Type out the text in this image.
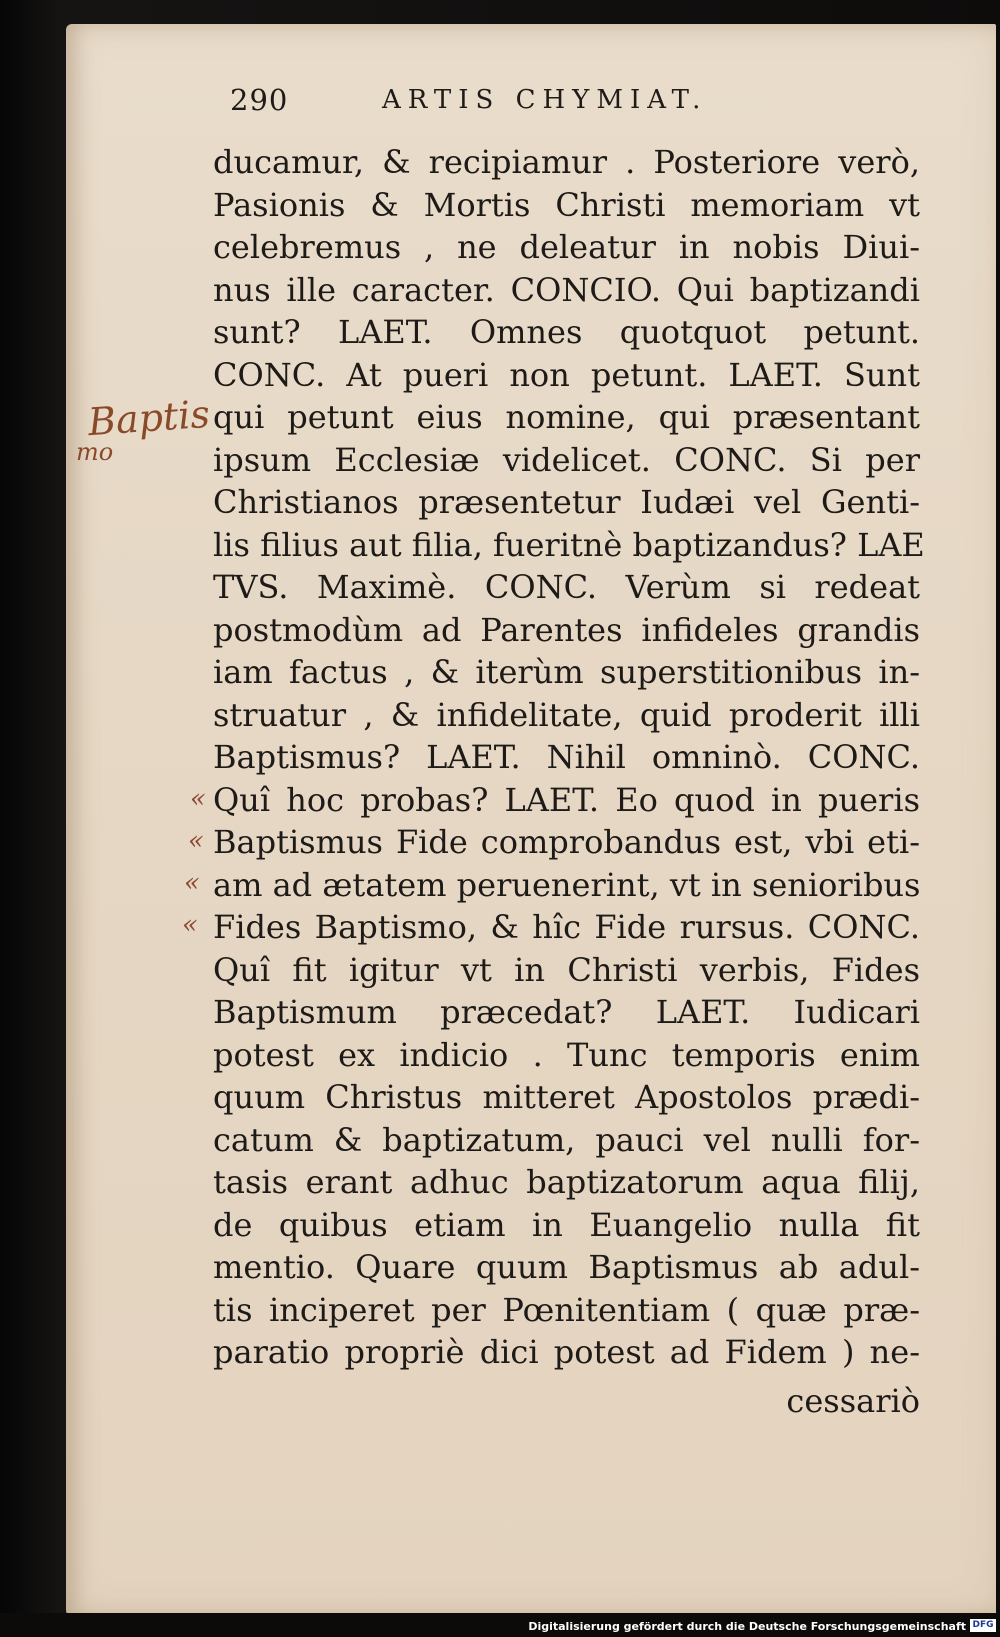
290	ARTIS CHYMIAT.
ducamur, & recipiamur . Posteriore verò,
Pasionis & Mortis Christi memoriam vt
celebremus , ne deleatur in nobis Diui-
nus ille caracter. CONCIO. Qui baptizandi
sunt? LAET. Omnes quotquot petunt.
CONC. At pueri non petunt. LAET. Sunt
qui petunt eius nomine, qui præsentant
ipsum Ecclesiæ videlicet. CONC. Si per
Christianos præsentetur Iudæi vel Genti-
lis filius aut filia, fueritnè baptizandus? LAE
TVS. Maximè. CONC. Verùm si redeat
postmodùm ad Parentes infideles grandis
iam factus , & iterùm superstitionibus in-
struatur , & infidelitate, quid proderit illi
Baptismus? LAET. Nihil omninò. CONC.
Quî hoc probas? LAET. Eo quod in pueris
Baptismus Fide comprobandus est, vbi eti-
am ad ætatem peruenerint, vt in senioribus
Fides Baptismo, & hîc Fide rursus. CONC.
Quî fit igitur vt in Christi verbis, Fides
Baptismum præcedat? LAET. Iudicari
potest ex indicio . Tunc temporis enim
quum Christus mitteret Apostolos prædi-
catum & baptizatum, pauci vel nulli for-
tasis erant adhuc baptizatorum aqua filij,
de quibus etiam in Euangelio nulla fit
mentio. Quare quum Baptismus ab adul-
tis inciperet per Pœnitentiam ( quæ præ-
paratio propriè dici potest ad Fidem ) ne-
cessariò
Baptis
mo
«
«
«
«
Digitalisierung gefördert durch die Deutsche Forschungsgemeinschaft DFG
